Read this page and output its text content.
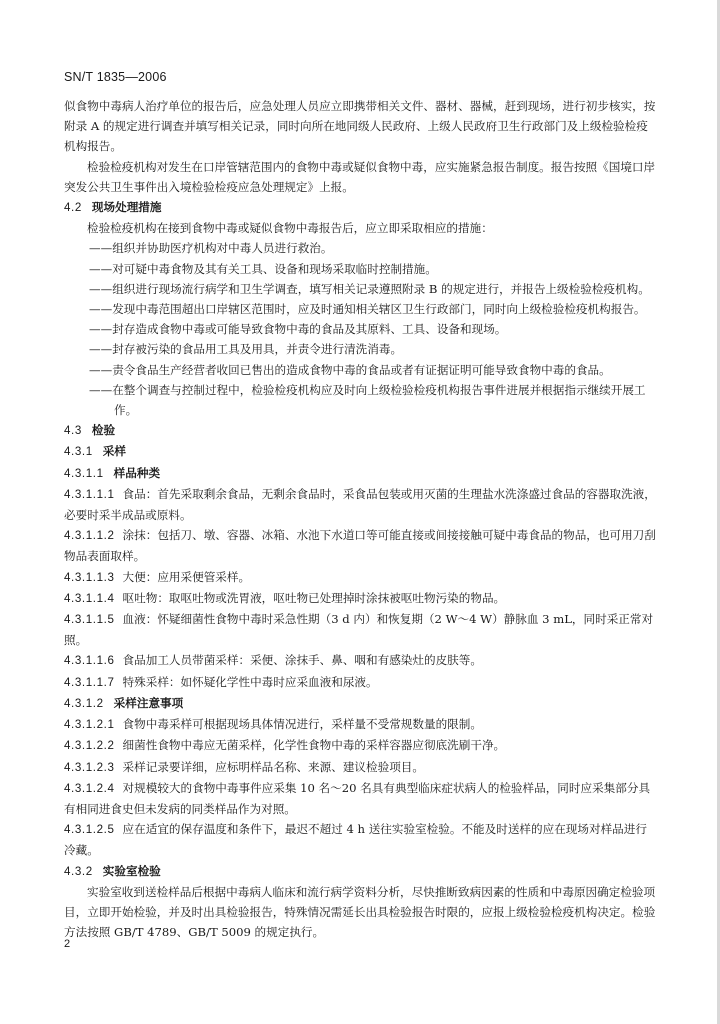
SN/T 1835—2006

似食物中毒病人治疗单位的报告后，应急处理人员应立即携带相关文件、器材、器械，赶到现场，进行初步核实，按附录 A 的规定进行调查并填写相关记录，同时向所在地同级人民政府、上级人民政府卫生行政部门及上级检验检疫机构报告。

检验检疫机构对发生在口岸管辖范围内的食物中毒或疑似食物中毒，应实施紧急报告制度。报告按照《国境口岸突发公共卫生事件出入境检验检疫应急处理规定》上报。

4.2 现场处理措施

检验检疫机构在接到食物中毒或疑似食物中毒报告后，应立即采取相应的措施：

——组织并协助医疗机构对中毒人员进行救治。

——对可疑中毒食物及其有关工具、设备和现场采取临时控制措施。

——组织进行现场流行病学和卫生学调查，填写相关记录遵照附录 B 的规定进行，并报告上级检验检疫机构。

——发现中毒范围超出口岸辖区范围时，应及时通知相关辖区卫生行政部门，同时向上级检验检疫机构报告。

——封存造成食物中毒或可能导致食物中毒的食品及其原料、工具、设备和现场。

——封存被污染的食品用工具及用具，并责令进行清洗消毒。

——责令食品生产经营者收回已售出的造成食物中毒的食品或者有证据证明可能导致食物中毒的食品。

——在整个调查与控制过程中，检验检疫机构应及时向上级检验检疫机构报告事件进展并根据指示继续开展工作。

4.3 检验

4.3.1 采样

4.3.1.1 样品种类

4.3.1.1.1 食品：首先采取剩余食品，无剩余食品时，采食品包装或用灭菌的生理盐水洗涤盛过食品的容器取洗液，必要时采半成品或原料。

4.3.1.1.2 涂抹：包括刀、墩、容器、冰箱、水池下水道口等可能直接或间接接触可疑中毒食品的物品，也可用刀刮物品表面取样。

4.3.1.1.3 大便：应用采便管采样。

4.3.1.1.4 呕吐物：取呕吐物或洗胃液，呕吐物已处理掉时涂抹被呕吐物污染的物品。

4.3.1.1.5 血液：怀疑细菌性食物中毒时采急性期（3 d 内）和恢复期（2 W～4 W）静脉血 3 mL，同时采正常对照。

4.3.1.1.6 食品加工人员带菌采样：采便、涂抹手、鼻、咽和有感染灶的皮肤等。

4.3.1.1.7 特殊采样：如怀疑化学性中毒时应采血液和尿液。

4.3.1.2 采样注意事项

4.3.1.2.1 食物中毒采样可根据现场具体情况进行，采样量不受常规数量的限制。

4.3.1.2.2 细菌性食物中毒应无菌采样，化学性食物中毒的采样容器应彻底洗刷干净。

4.3.1.2.3 采样记录要详细，应标明样品名称、来源、建议检验项目。

4.3.1.2.4 对规模较大的食物中毒事件应采集 10 名～20 名具有典型临床症状病人的检验样品，同时应采集部分具有相同进食史但未发病的同类样品作为对照。

4.3.1.2.5 应在适宜的保存温度和条件下，最迟不超过 4 h 送往实验室检验。不能及时送样的应在现场对样品进行冷藏。

4.3.2 实验室检验

实验室收到送检样品后根据中毒病人临床和流行病学资料分析，尽快推断致病因素的性质和中毒原因确定检验项目，立即开始检验，并及时出具检验报告，特殊情况需延长出具检验报告时限的，应报上级检验检疫机构决定。检验方法按照 GB/T 4789、GB/T 5009 的规定执行。

2
